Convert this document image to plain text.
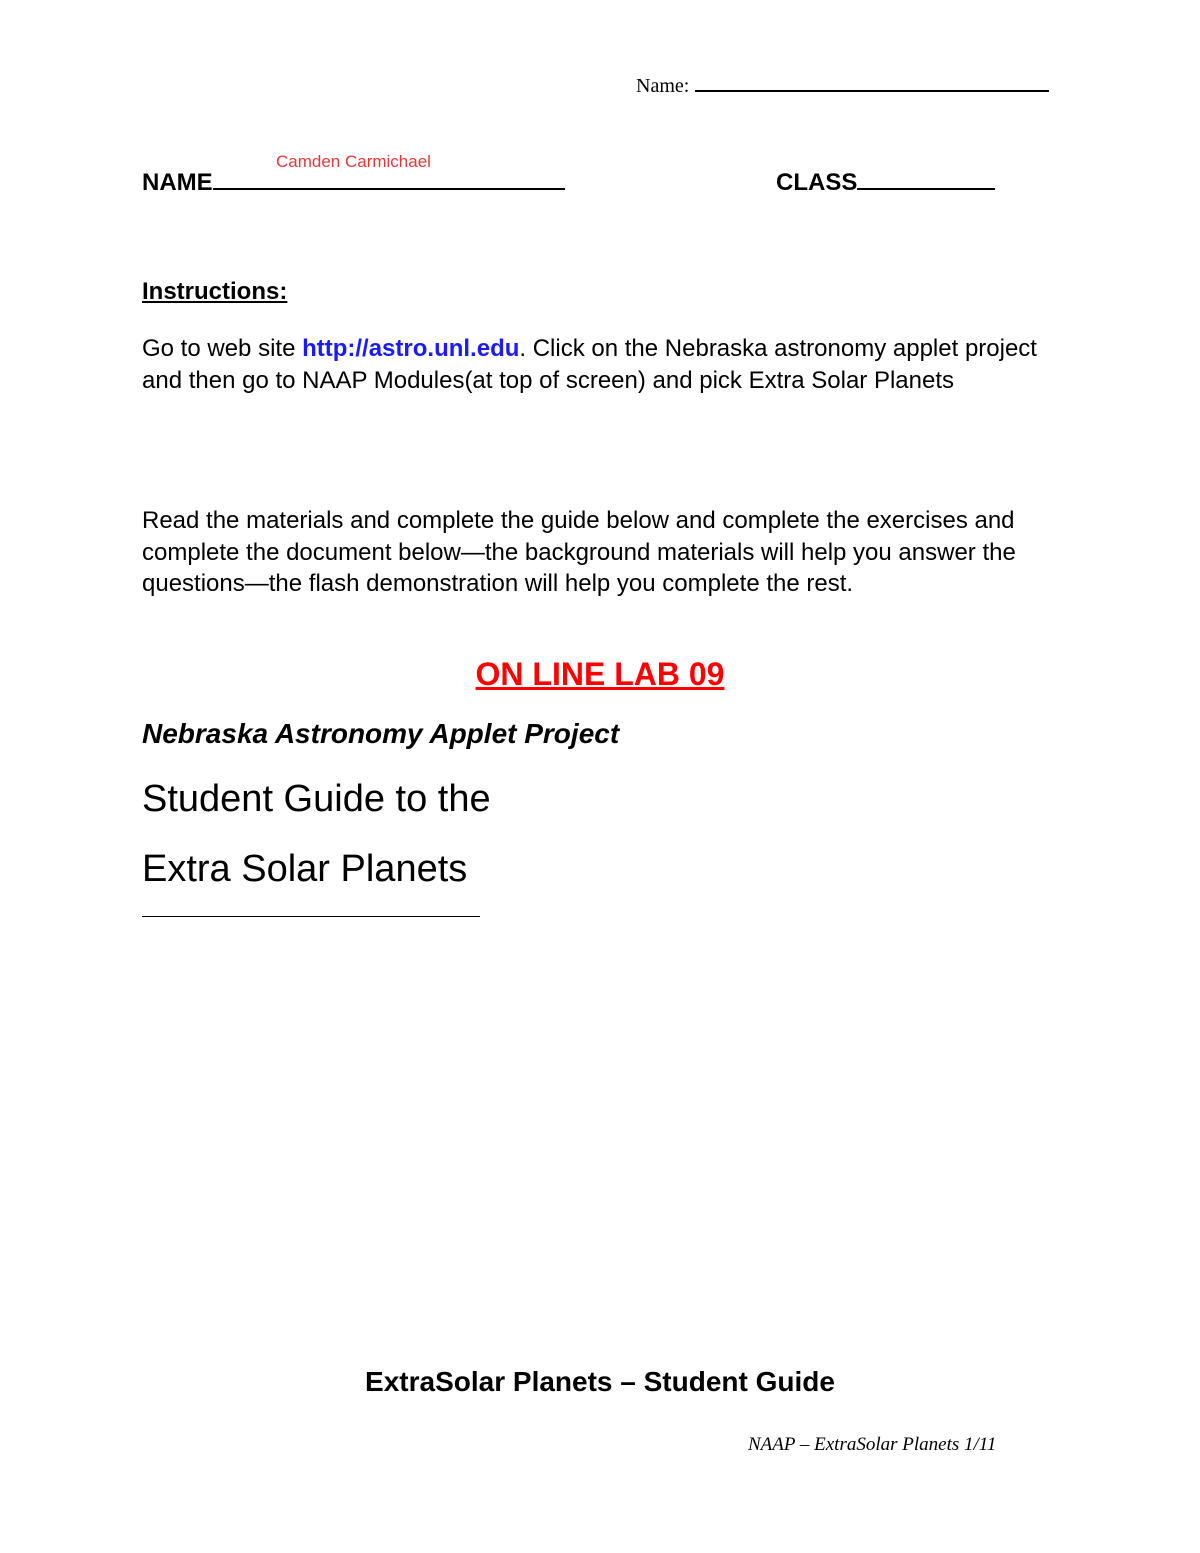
Name:
Camden Carmichael
NAME	CLASS
Instructions:
Go to web site http://astro.unl.edu. Click on the Nebraska astronomy applet project and then go to NAAP Modules(at top of screen) and pick Extra Solar Planets
Read the materials and complete the guide below and complete the exercises and complete the document below—the background materials will help you answer the questions—the flash demonstration will help you complete the rest.
ON LINE LAB 09
Nebraska Astronomy Applet Project
Student Guide to the
Extra Solar Planets
ExtraSolar Planets – Student Guide
NAAP – ExtraSolar Planets 1/11
